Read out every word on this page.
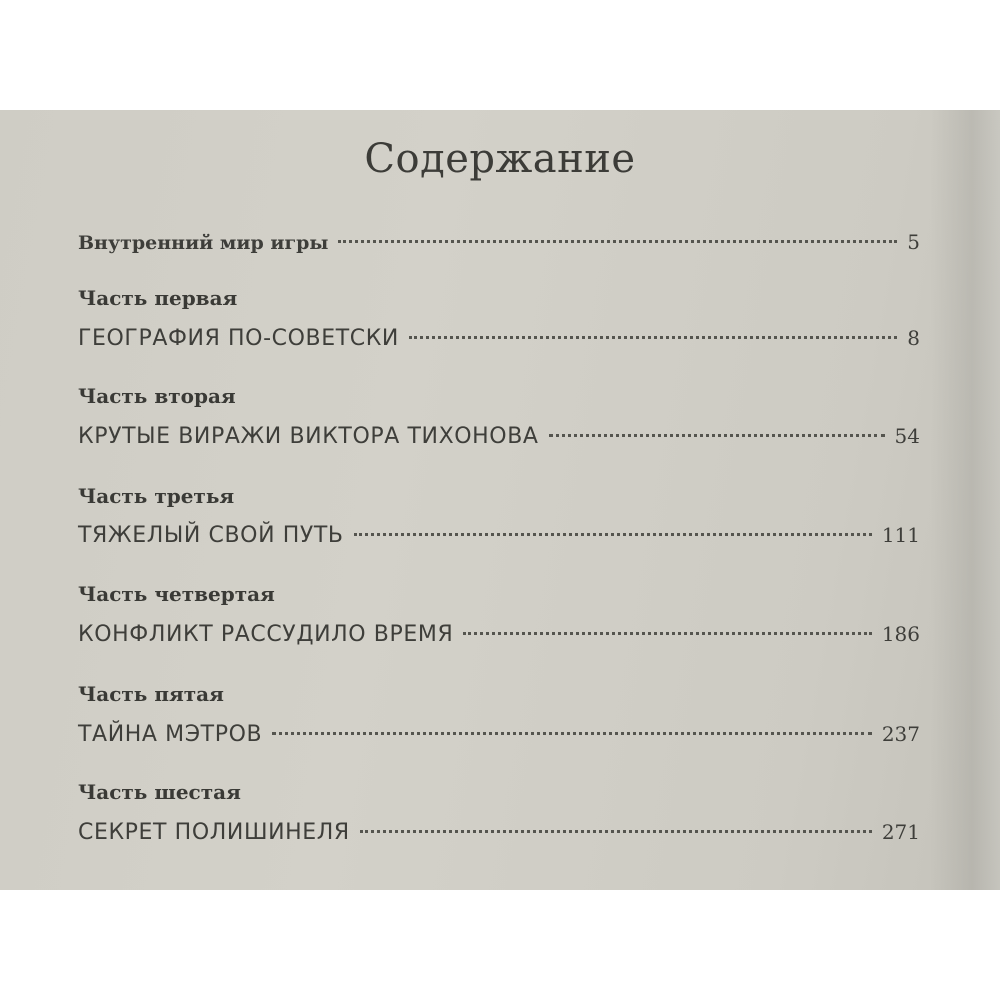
Содержание
Внутренний мир игры	5
Часть первая
ГЕОГРАФИЯ ПО-СОВЕТСКИ	8
Часть вторая
КРУТЫЕ ВИРАЖИ ВИКТОРА ТИХОНОВА	54
Часть третья
ТЯЖЕЛЫЙ СВОЙ ПУТЬ	111
Часть четвертая
КОНФЛИКТ РАССУДИЛО ВРЕМЯ	186
Часть пятая
ТАЙНА МЭТРОВ	237
Часть шестая
СЕКРЕТ ПОЛИШИНЕЛЯ	271
